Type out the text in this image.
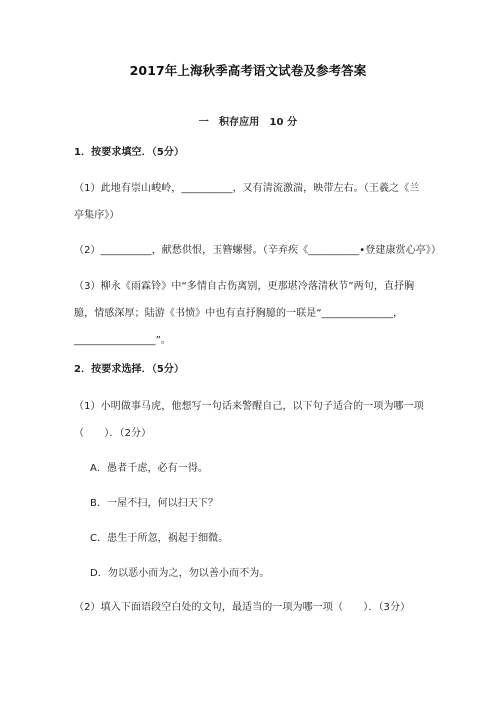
2017年上海秋季高考语文试卷及参考答案
一　积存应用　10 分
1．按要求填空．（5分）
（1）此地有崇山峻岭，__________，又有清流激湍，映带左右。（王羲之《兰
亭集序》）
（2）__________，献愁供恨，玉簪螺髻。（辛弃疾《__________•登建康赏心亭》）
（3）柳永《雨霖铃》中“多情自古伤离别，更那堪冷落清秋节”两句，直抒胸
臆，情感深厚；陆游《书愤》中也有直抒胸臆的一联是“______________，
________________”。
2．按要求选择．（5分）
（1）小明做事马虎，他想写一句话来警醒自己，以下句子适合的一项为哪一项
（　　）．（2分）
A．愚者千虑，必有一得。
B．一屋不扫，何以扫天下？
C．患生于所忽，祸起于细微。
D．勿以恶小而为之，勿以善小而不为。
（2）填入下面语段空白处的文句，最适当的一项为哪一项（　　）．（3分）
